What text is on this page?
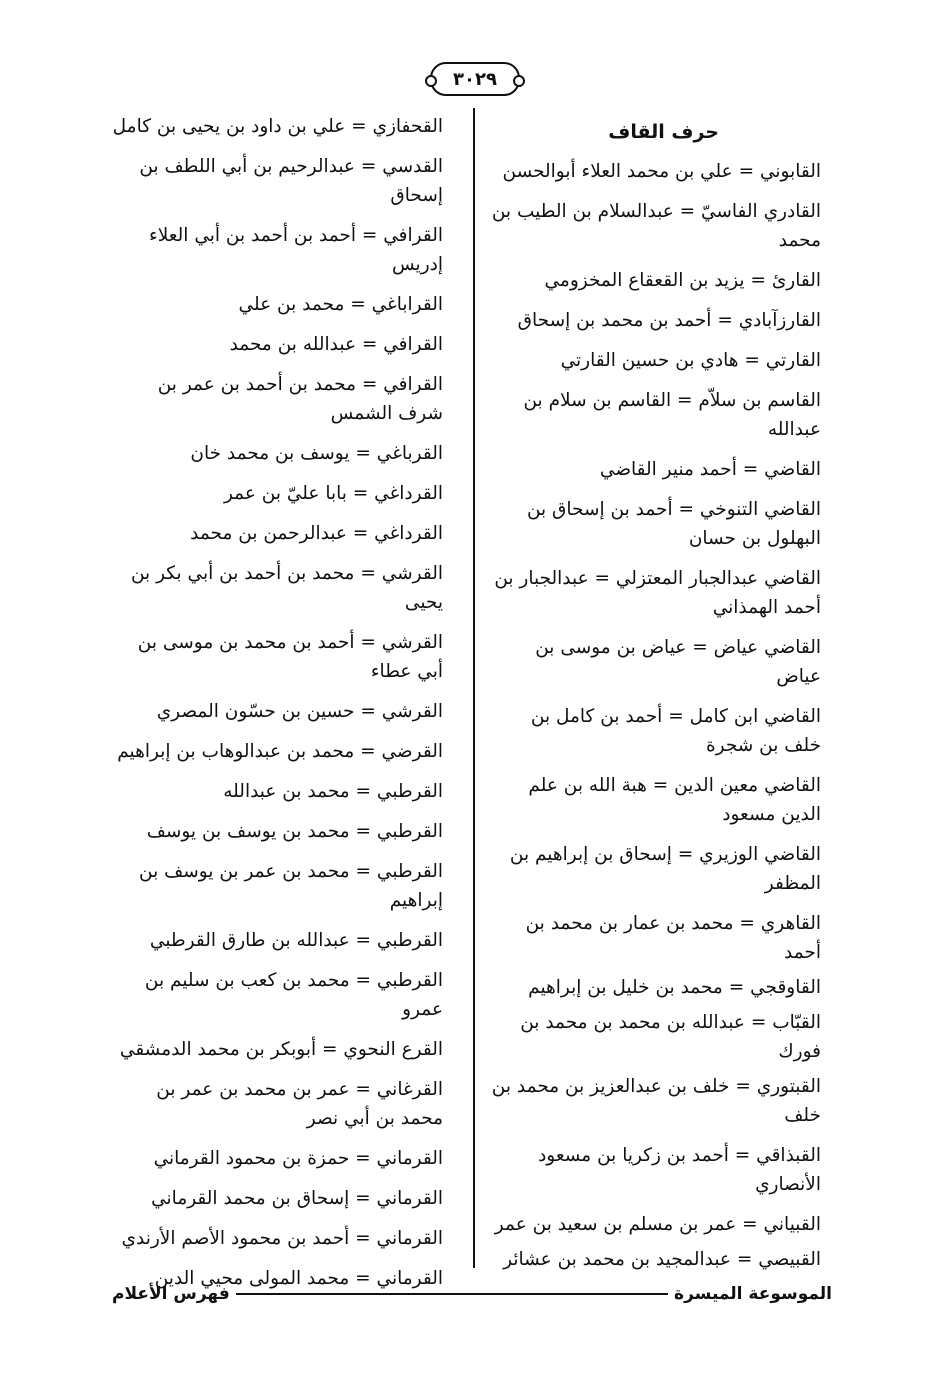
٣٠٢٩
حرف القاف
القابوني = علي بن محمد العلاء أبوالحسن
القادري الفاسيّ = عبدالسلام بن الطيب بن محمد
القارئ = يزيد بن القعقاع المخزومي
القارزآبادي = أحمد بن محمد بن إسحاق
القارتي = هادي بن حسين القارتي
القاسم بن سلاّم = القاسم بن سلام بن عبدالله
القاضي = أحمد منير القاضي
القاضي التنوخي = أحمد بن إسحاق بن البهلول بن حسان
القاضي عبدالجبار المعتزلي = عبدالجبار بن أحمد الهمذاني
القاضي عياض = عياض بن موسى بن عياض
القاضي ابن كامل = أحمد بن كامل بن خلف بن شجرة
القاضي معين الدين = هبة الله بن علم الدين مسعود
القاضي الوزيري = إسحاق بن إبراهيم بن المظفر
القاهري = محمد بن عمار بن محمد بن أحمد
القاوقجي = محمد بن خليل بن إبراهيم
القبّاب = عبدالله بن محمد بن محمد بن فورك
القبتوري = خلف بن عبدالعزيز بن محمد بن خلف
القبذاقي = أحمد بن زكريا بن مسعود الأنصاري
القبياني = عمر بن مسلم بن سعيد بن عمر
القبيصي = عبدالمجيد بن محمد بن عشائر
القحفازي = علي بن داود بن يحيى بن كامل
القدسي = عبدالرحيم بن أبي اللطف بن إسحاق
القرافي = أحمد بن أحمد بن أبي العلاء إدريس
القراباغي = محمد بن علي
القرافي = عبدالله بن محمد
القرافي = محمد بن أحمد بن عمر بن شرف الشمس
القرباغي = يوسف بن محمد خان
القرداغي = بابا عليّ بن عمر
القرداغي = عبدالرحمن بن محمد
القرشي = محمد بن أحمد بن أبي بكر بن يحيى
القرشي = أحمد بن محمد بن موسى بن أبي عطاء
القرشي = حسين بن حسّون المصري
القرضي = محمد بن عبدالوهاب بن إبراهيم
القرطبي = محمد بن عبدالله
القرطبي = محمد بن يوسف بن يوسف
القرطبي = محمد بن عمر بن يوسف بن إبراهيم
القرطبي = عبدالله بن طارق القرطبي
القرطبي = محمد بن كعب بن سليم بن عمرو
القرع النحوي = أبوبكر بن محمد الدمشقي
القرغاني = عمر بن محمد بن عمر بن محمد بن أبي نصر
القرماني = حمزة بن محمود القرماني
القرماني = إسحاق بن محمد القرماني
القرماني = أحمد بن محمود الأصم الأرندي
القرماني = محمد المولى محيي الدين
الموسوعة الميسرة
فهرس الأعلام
